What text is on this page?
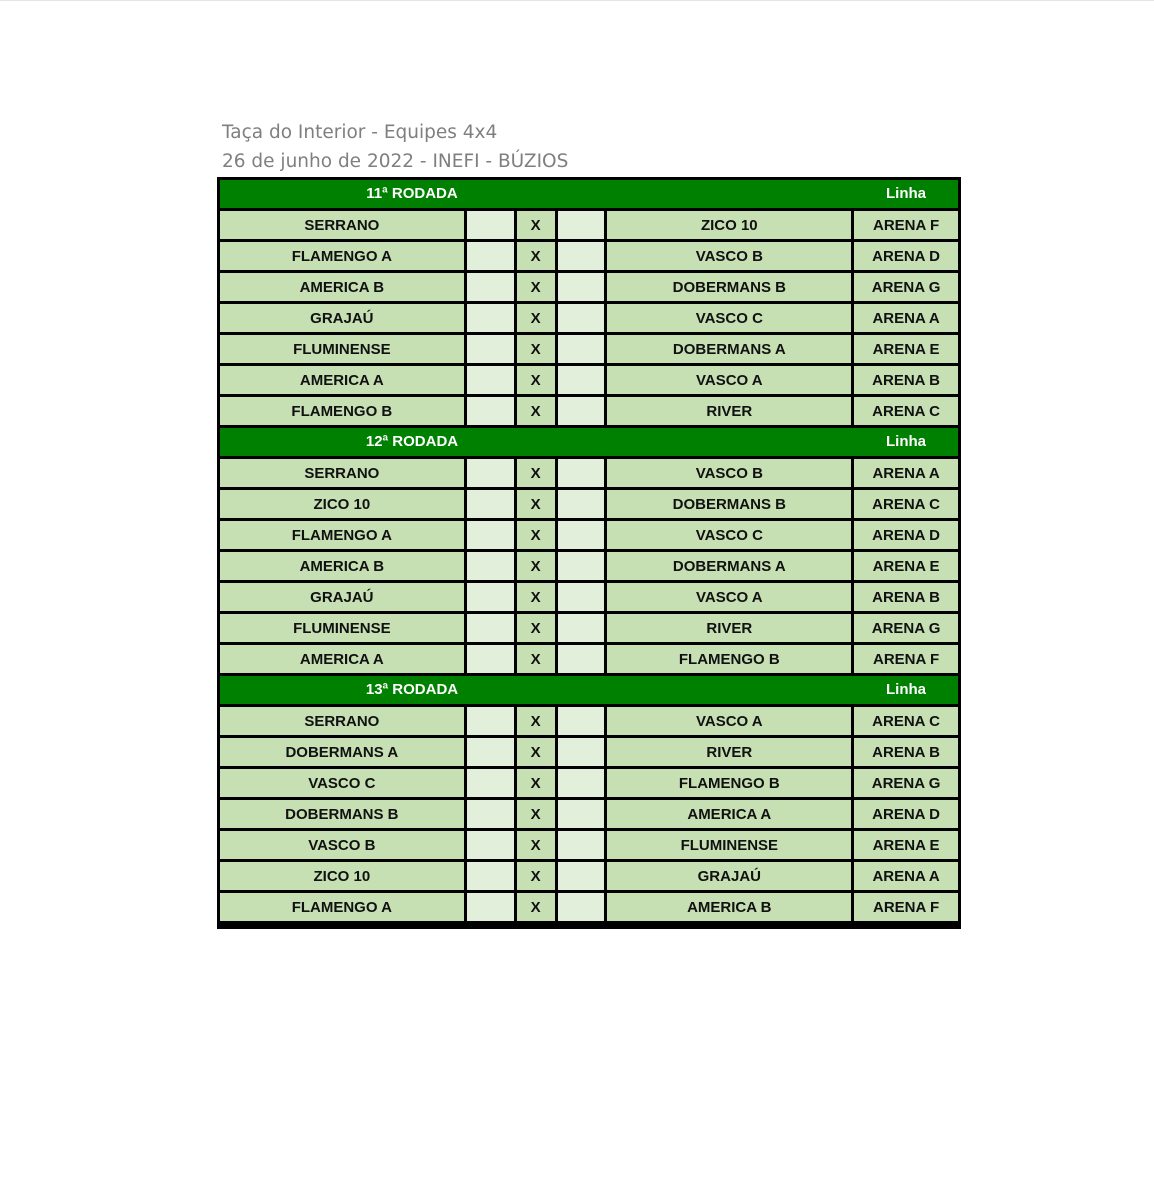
Taça do Interior - Equipes 4x4
26 de junho de 2022 - INEFI - BÚZIOS
11ª RODADA	Linha
SERRANO	X	ZICO 10	ARENA F
FLAMENGO A	X	VASCO B	ARENA D
AMERICA B	X	DOBERMANS B	ARENA G
GRAJAÚ	X	VASCO C	ARENA A
FLUMINENSE	X	DOBERMANS A	ARENA E
AMERICA A	X	VASCO A	ARENA B
FLAMENGO B	X	RIVER	ARENA C
12ª RODADA	Linha
SERRANO	X	VASCO B	ARENA A
ZICO 10	X	DOBERMANS B	ARENA C
FLAMENGO A	X	VASCO C	ARENA D
AMERICA B	X	DOBERMANS A	ARENA E
GRAJAÚ	X	VASCO A	ARENA B
FLUMINENSE	X	RIVER	ARENA G
AMERICA A	X	FLAMENGO B	ARENA F
13ª RODADA	Linha
SERRANO	X	VASCO A	ARENA C
DOBERMANS A	X	RIVER	ARENA B
VASCO C	X	FLAMENGO B	ARENA G
DOBERMANS B	X	AMERICA A	ARENA D
VASCO B	X	FLUMINENSE	ARENA E
ZICO 10	X	GRAJAÚ	ARENA A
FLAMENGO A	X	AMERICA B	ARENA F
